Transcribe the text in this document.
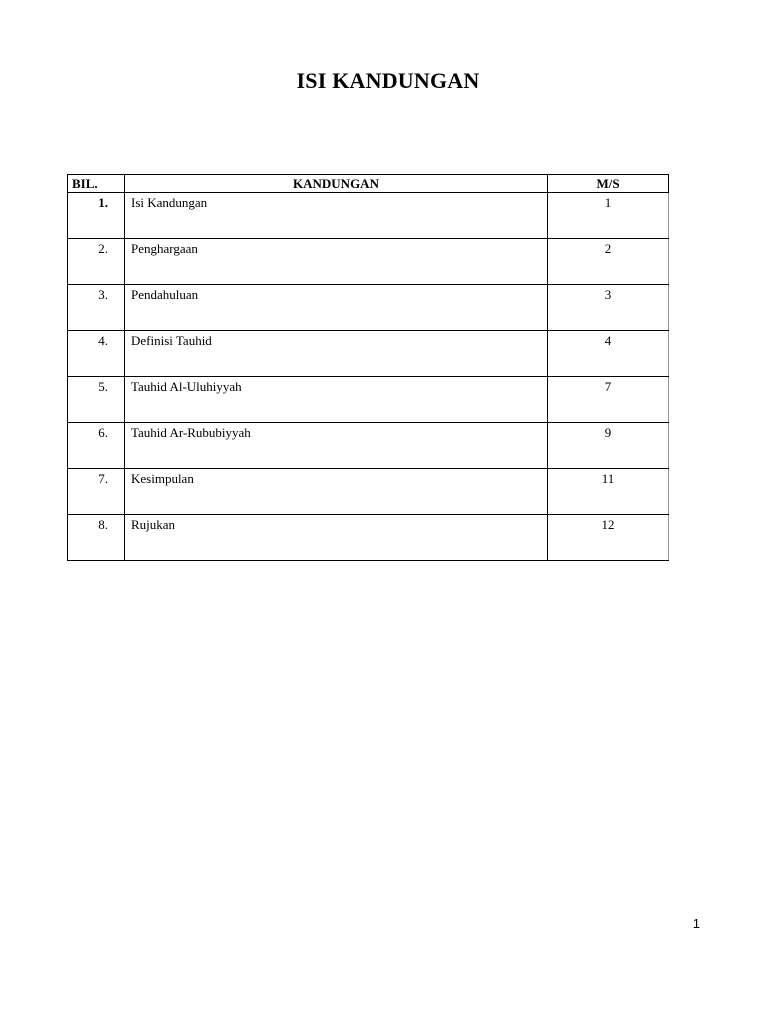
ISI KANDUNGAN
BIL.	KANDUNGAN	M/S
1.	Isi Kandungan	1
2.	Penghargaan	2
3.	Pendahuluan	3
4.	Definisi Tauhid	4
5.	Tauhid Al-Uluhiyyah	7
6.	Tauhid Ar-Rububiyyah	9
7.	Kesimpulan	11
8.	Rujukan	12
1
